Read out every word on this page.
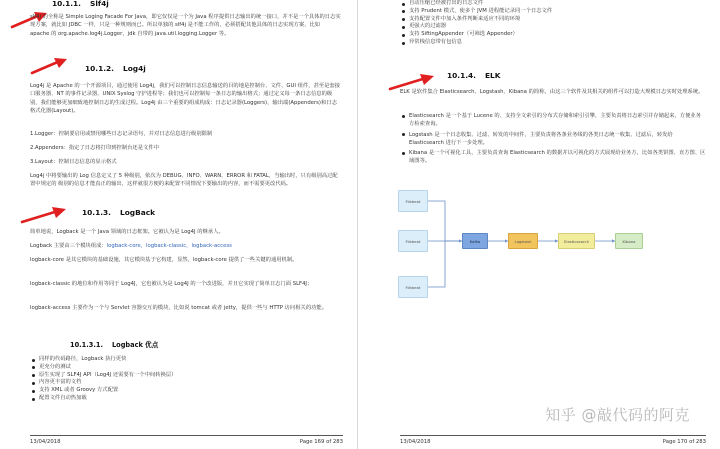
10.1.1. Slf4j
slf4j 的全称是 Simple Loging Facade For Java，即它仅仅是一个为 Java 程序提供日志输出的统一接口，并不是一个具体的日志实现方案，就比如 JDBC 一样，只是一种规则而已。所以单独的 slf4j 是不能工作的，必须搭配其他具体的日志实现方案，比如 apache 的 org.apache.log4j.Logger，jdk 自带的 java.util.logging.Logger 等。
10.1.2. Log4j
Log4j 是 Apache 的一个开源项目，通过使用 Log4j，我们可以控制日志信息输送的目的地是控制台、文件、GUI 组件，甚至是套接口服务器、NT 的事件记录器、UNIX Syslog 守护进程等；我们也可以控制每一条日志的输出格式；通过定义每一条日志信息的级别，我们能够更加细致地控制日志的生成过程。Log4j 由三个重要的组成构成：日志记录器(Loggers)，输出端(Appenders)和日志格式化器(Layout)。
1.Logger：控制要启用或禁用哪些日志记录语句，并对日志信息进行级别限制
2.Appenders：指定了日志将打印到控制台还是文件中
3.Layout：控制日志信息的显示格式
Log4j 中将要输出的 Log 信息定义了 5 种级别，依次为 DEBUG、INFO、WARN、ERROR 和 FATAL，当输出时，只有级别高过配置中规定的 级别的信息才能真正的输出，这样就很方便的来配置不同情况下要输出的内容，而不需要更改代码。
10.1.3. LogBack
简单地说，Logback 是一个 Java 领域的日志框架。它被认为是 Log4J 的继承人。
Logback 主要由三个模块组成：logback-core，logback-classic，logback-access
logback-core 是其它模块的基础设施，其它模块基于它构建，显然，logback-core 提供了一些关键的通用机制。
logback-classic 的地位和作用等同于 Log4J，它也被认为是 Log4J 的一个改进版，并且它实现了简单日志门面 SLF4J；
logback-access 主要作为一个与 Servlet 容器交互的模块，比如说 tomcat 或者 jetty，提供一些与 HTTP 访问相关的功能。
10.1.3.1. Logback 优点
同样的代码路径，Logback 执行更快
更充分的测试
原生实现了 SLF4J API（Log4J 还需要有一个中间转换层）
内容更丰富的文档
支持 XML 或者 Groovy 方式配置
配置文件自动热加载
13/04/2018	Page 169 of 283
自动压缩已经被打出的日志文件
支持 Prudent 模式，使多个 JVM 进程能记录同一个日志文件
支持配置文件中加入条件判断来适应不同的环境
更强大的过滤器
支持 SiftingAppender（可筛选 Appender）
异常栈信息带有包信息
10.1.4. ELK
ELK 是软件集合 Elasticsearch、Logstash、Kibana 的简称，由这三个软件及其相关的组件可以打造大规模日志实时处理系统。
Elasticsearch 是一个基于 Lucene 的、支持全文索引的分布式存储和索引引擎，主要负责将日志索引并存储起来，方便业务方检索查询。
Logstash 是一个日志收集、过滤、转发的中间件，主要负责将各条业务线的各类日志统一收集、过滤后，转发给 Elasticsearch 进行下一步处理。
Kibana 是一个可视化工具，主要负责查询 Elasticsearch 的数据并以可视化的方式展现给业务方，比如各类饼图、直方图、区域图等。
Filebeat
Filebeat
Filebeat
Kafka	Logstash	Elasticsearch	Kibana
知乎 @敲代码的阿克
13/04/2018	Page 170 of 283
